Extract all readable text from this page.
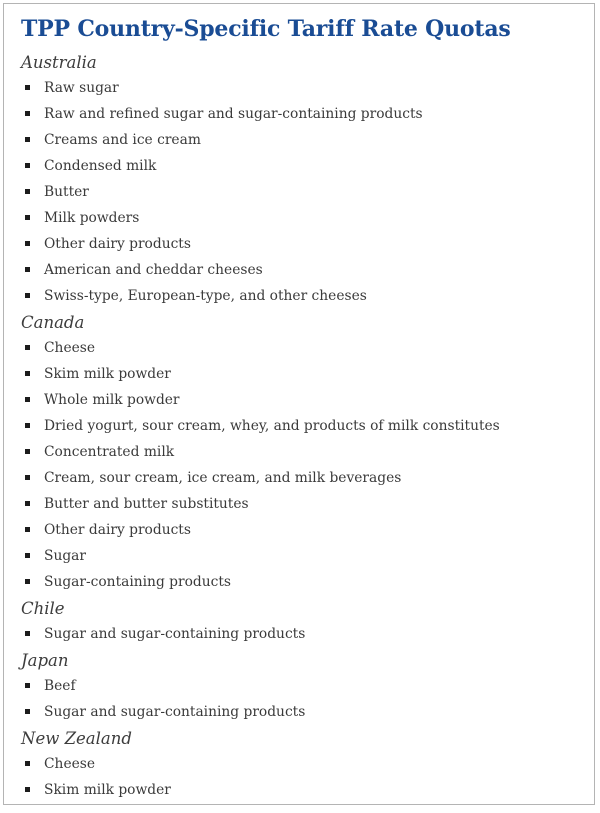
TPP Country-Specific Tariff Rate Quotas
Australia
Raw sugar
Raw and refined sugar and sugar-containing products
Creams and ice cream
Condensed milk
Butter
Milk powders
Other dairy products
American and cheddar cheeses
Swiss-type, European-type, and other cheeses
Canada
Cheese
Skim milk powder
Whole milk powder
Dried yogurt, sour cream, whey, and products of milk constitutes
Concentrated milk
Cream, sour cream, ice cream, and milk beverages
Butter and butter substitutes
Other dairy products
Sugar
Sugar-containing products
Chile
Sugar and sugar-containing products
Japan
Beef
Sugar and sugar-containing products
New Zealand
Cheese
Skim milk powder
